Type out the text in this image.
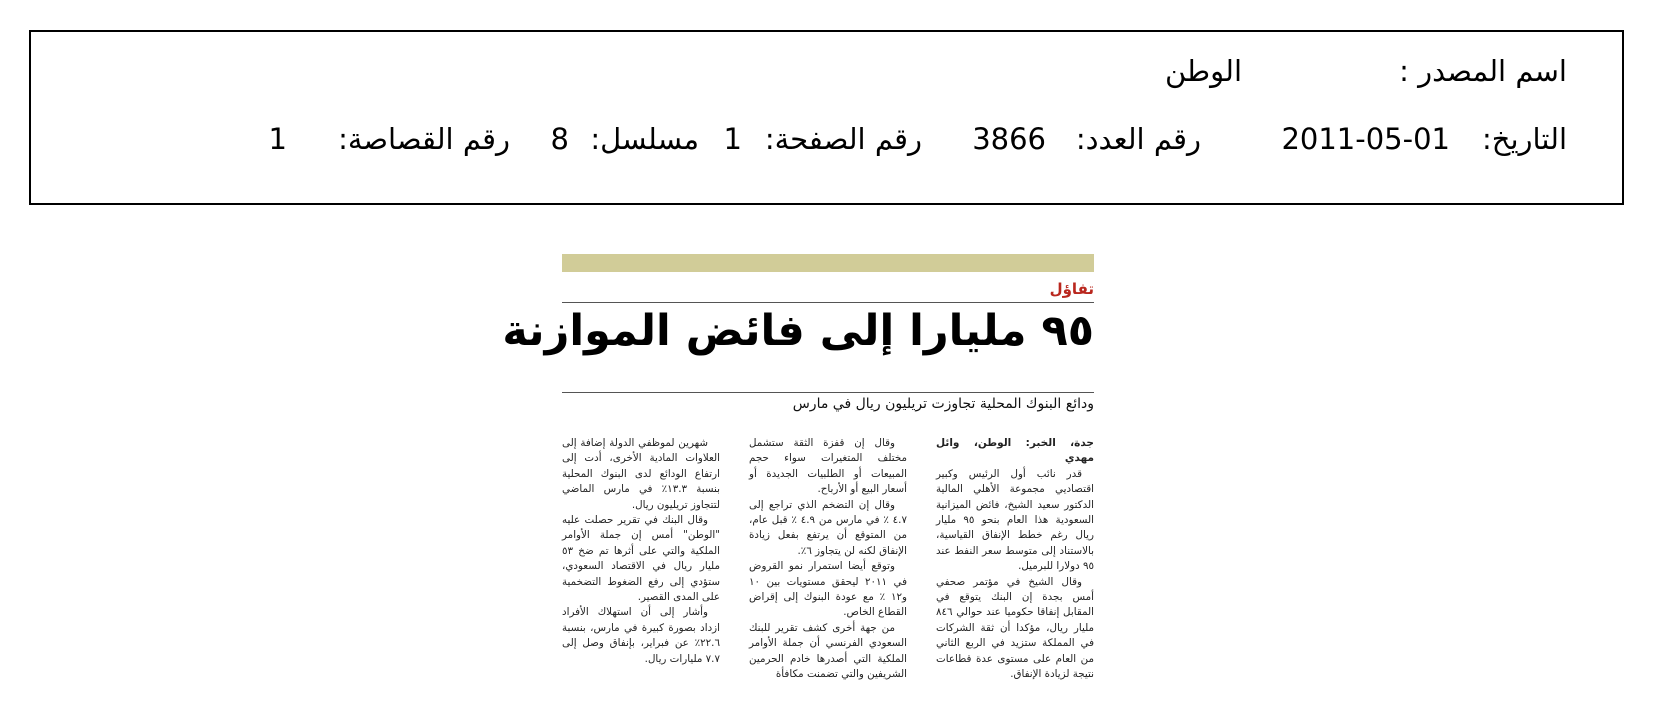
اسم المصدر :
الوطن
التاريخ:
2011-05-01
رقم العدد:
3866
رقم الصفحة:
1
مسلسل:
8
رقم القصاصة:
1
تفاؤل
٩٥ مليارا إلى فائض الموازنة
ودائع البنوك المحلية تجاوزت تريليون ريال في مارس

جدة، الخبر: الوطن، وائل مهدي

قدر نائب أول الرئيس وكبير اقتصاديي مجموعة الأهلي المالية الدكتور سعيد الشيخ، فائض الميزانية السعودية هذا العام بنحو ٩٥ مليار ريال رغم خطط الإنفاق القياسية، بالاستناد إلى متوسط سعر النفط عند ٩٥ دولارا للبرميل.

وقال الشيخ في مؤتمر صحفي أمس بجدة إن البنك يتوقع في المقابل إنفاقا حكوميا عند حوالي ٨٤٦ مليار ريال، مؤكدا أن ثقة الشركات في المملكة ستزيد في الربع الثاني من العام على مستوى عدة قطاعات نتيجة لزيادة الإنفاق.

وقال إن قفزة الثقة ستشمل مختلف المتغيرات سواء حجم المبيعات أو الطلبيات الجديدة أو أسعار البيع أو الأرباح.

وقال إن التضخم الذي تراجع إلى ٤.٧ ٪ في مارس من ٤.٩ ٪ قبل عام، من المتوقع أن يرتفع بفعل زيادة الإنفاق لكنه لن يتجاوز ٦٪.

وتوقع أيضا استمرار نمو القروض في ٢٠١١ ليحقق مستويات بين ١٠ و١٢ ٪ مع عودة البنوك إلى إقراض القطاع الخاص.

من جهة أخرى كشف تقرير للبنك السعودي الفرنسي أن جملة الأوامر الملكية التي أصدرها خادم الحرمين الشريفين والتي تضمنت مكافأة

شهرين لموظفي الدولة إضافة إلى العلاوات المادية الأخرى، أدت إلى ارتفاع الودائع لدى البنوك المحلية بنسبة ١٣.٣٪ في مارس الماضي لتتجاوز تريليون ريال.

وقال البنك في تقرير حصلت عليه "الوطن" أمس إن جملة الأوامر الملكية والتي على أثرها تم ضخ ٥٣ مليار ريال في الاقتصاد السعودي، ستؤدي إلى رفع الضغوط التضخمية على المدى القصير.

وأشار إلى أن استهلاك الأفراد ازداد بصورة كبيرة في مارس، بنسبة ٢٢.٦٪ عن فبراير، بإنفاق وصل إلى ٧.٧ مليارات ريال.
